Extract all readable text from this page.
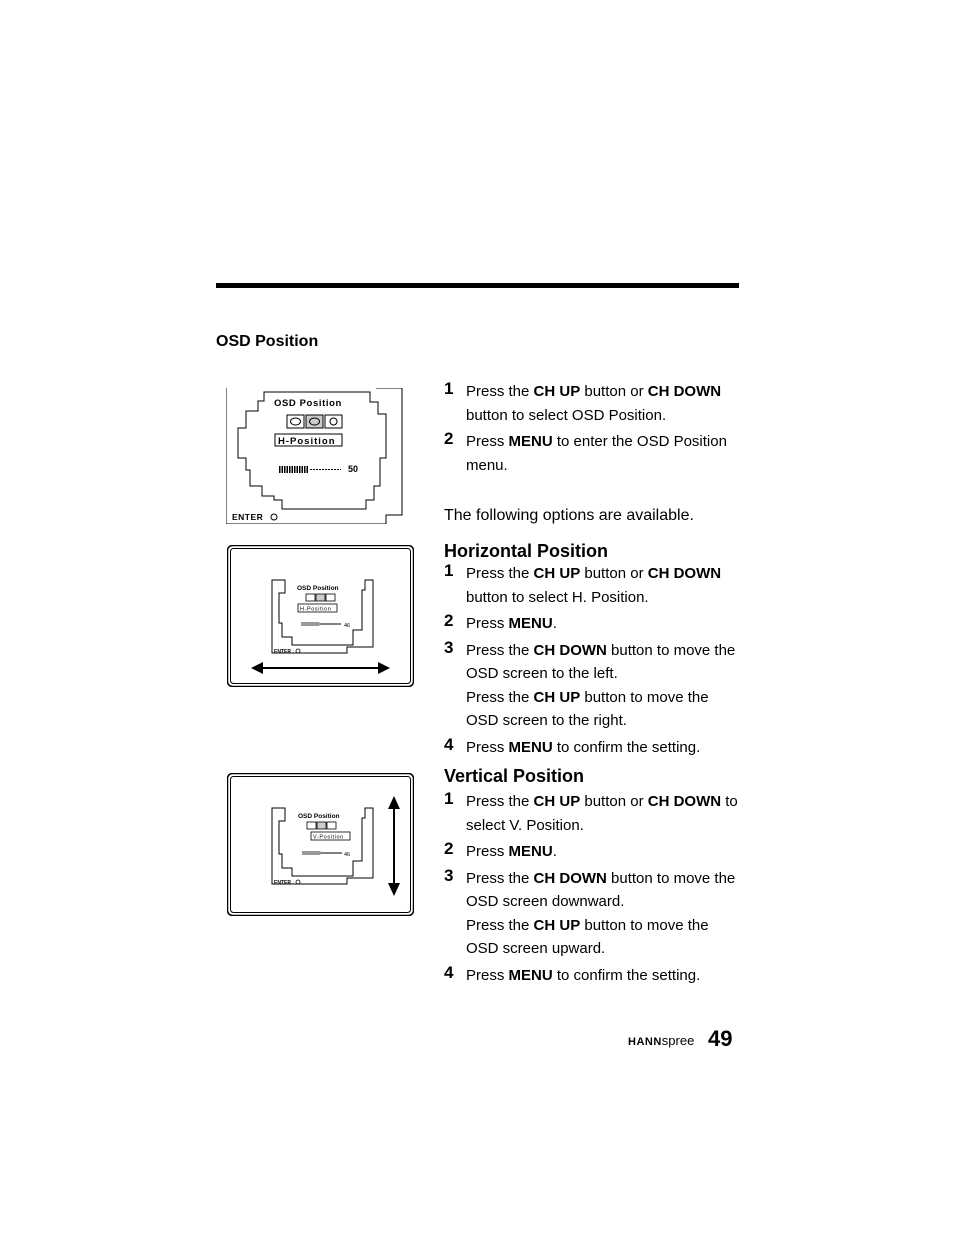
OSD Position
1 Press the CH UP button or CH DOWN button to select OSD Position.
2 Press MENU to enter the OSD Position menu.

The following options are available.

Horizontal Position
1 Press the CH UP button or CH DOWN button to select H. Position.
2 Press MENU.
3 Press the CH DOWN button to move the OSD screen to the left.
Press the CH UP button to move the OSD screen to the right.
4 Press MENU to confirm the setting.
Vertical Position
1 Press the CH UP button or CH DOWN to select V. Position.
2 Press MENU.
3 Press the CH DOWN button to move the OSD screen downward.
Press the CH UP button to move the OSD screen upward.
4 Press MENU to confirm the setting.
OSD Position
H-Position
50
ENTER
OSD Position
H-Position
46
ENTER
OSD Position
V-Position
46
ENTER
HANNspree 49
